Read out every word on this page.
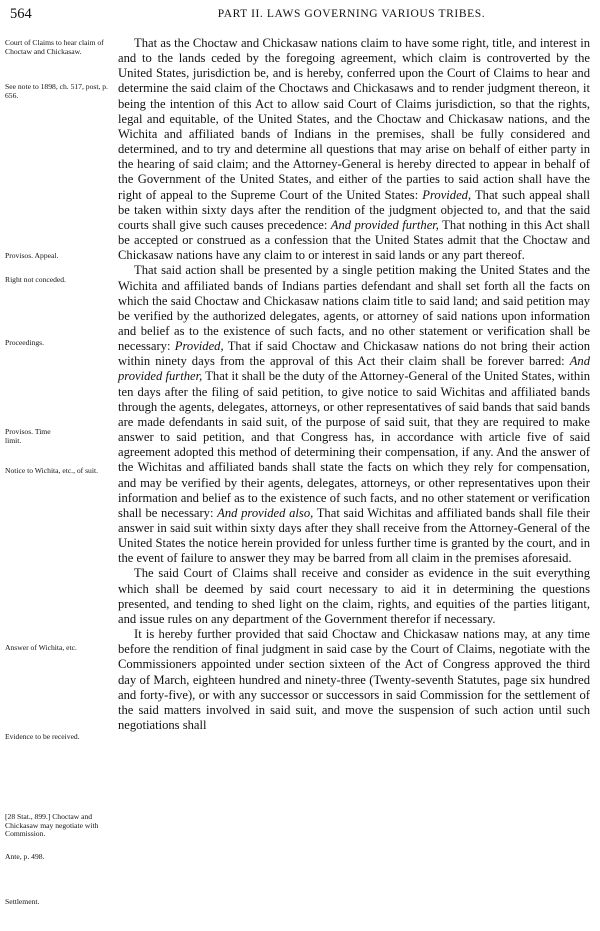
564	PART II. LAWS GOVERNING VARIOUS TRIBES.
Court of Claims to hear claim of Choctaw and Chickasaw.
See note to 1898, ch. 517, post, p. 656.
Provisos. Appeal.
Right not conceded.
Proceedings.
Provisos. Time limit.
Notice to Wichita, etc., of suit.
Answer of Wichita, etc.
Evidence to be received.
[28 Stat., 899.] Choctaw and Chickasaw may negotiate with Commission.
Ante, p. 498.
Settlement.

That as the Choctaw and Chickasaw nations claim to have some right, title, and interest in and to the lands ceded by the foregoing agreement, which claim is controverted by the United States, jurisdiction be, and is hereby, conferred upon the Court of Claims to hear and determine the said claim of the Choctaws and Chickasaws and to render judgment thereon, it being the intention of this Act to allow said Court of Claims jurisdiction, so that the rights, legal and equitable, of the United States, and the Choctaw and Chickasaw nations, and the Wichita and affiliated bands of Indians in the premises, shall be fully considered and determined, and to try and determine all questions that may arise on behalf of either party in the hearing of said claim; and the Attorney-General is hereby directed to appear in behalf of the Government of the United States, and either of the parties to said action shall have the right of appeal to the Supreme Court of the United States: Provided, That such appeal shall be taken within sixty days after the rendition of the judgment objected to, and that the said courts shall give such causes precedence: And provided further, That nothing in this Act shall be accepted or construed as a confession that the United States admit that the Choctaw and Chickasaw nations have any claim to or interest in said lands or any part thereof.

That said action shall be presented by a single petition making the United States and the Wichita and affiliated bands of Indians parties defendant and shall set forth all the facts on which the said Choctaw and Chickasaw nations claim title to said land; and said petition may be verified by the authorized delegates, agents, or attorney of said nations upon information and belief as to the existence of such facts, and no other statement or verification shall be necessary: Provided, That if said Choctaw and Chickasaw nations do not bring their action within ninety days from the approval of this Act their claim shall be forever barred: And provided further, That it shall be the duty of the Attorney-General of the United States, within ten days after the filing of said petition, to give notice to said Wichitas and affiliated bands through the agents, delegates, attorneys, or other representatives of said bands that said bands are made defendants in said suit, of the purpose of said suit, that they are required to make answer to said petition, and that Congress has, in accordance with article five of said agreement adopted this method of determining their compensation, if any. And the answer of the Wichitas and affiliated bands shall state the facts on which they rely for compensation, and may be verified by their agents, delegates, attorneys, or other representatives upon their information and belief as to the existence of such facts, and no other statement or verification shall be necessary: And provided also, That said Wichitas and affiliated bands shall file their answer in said suit within sixty days after they shall receive from the Attorney-General of the United States the notice herein provided for unless further time is granted by the court, and in the event of failure to answer they may be barred from all claim in the premises aforesaid.

The said Court of Claims shall receive and consider as evidence in the suit everything which shall be deemed by said court necessary to aid it in determining the questions presented, and tending to shed light on the claim, rights, and equities of the parties litigant, and issue rules on any department of the Government therefor if necessary.

It is hereby further provided that said Choctaw and Chickasaw nations may, at any time before the rendition of final judgment in said case by the Court of Claims, negotiate with the Commissioners appointed under section sixteen of the Act of Congress approved the third day of March, eighteen hundred and ninety-three (Twenty-seventh Statutes, page six hundred and forty-five), or with any successor or successors in said Commission for the settlement of the said matters involved in said suit, and move the suspension of such action until such negotiations shall
